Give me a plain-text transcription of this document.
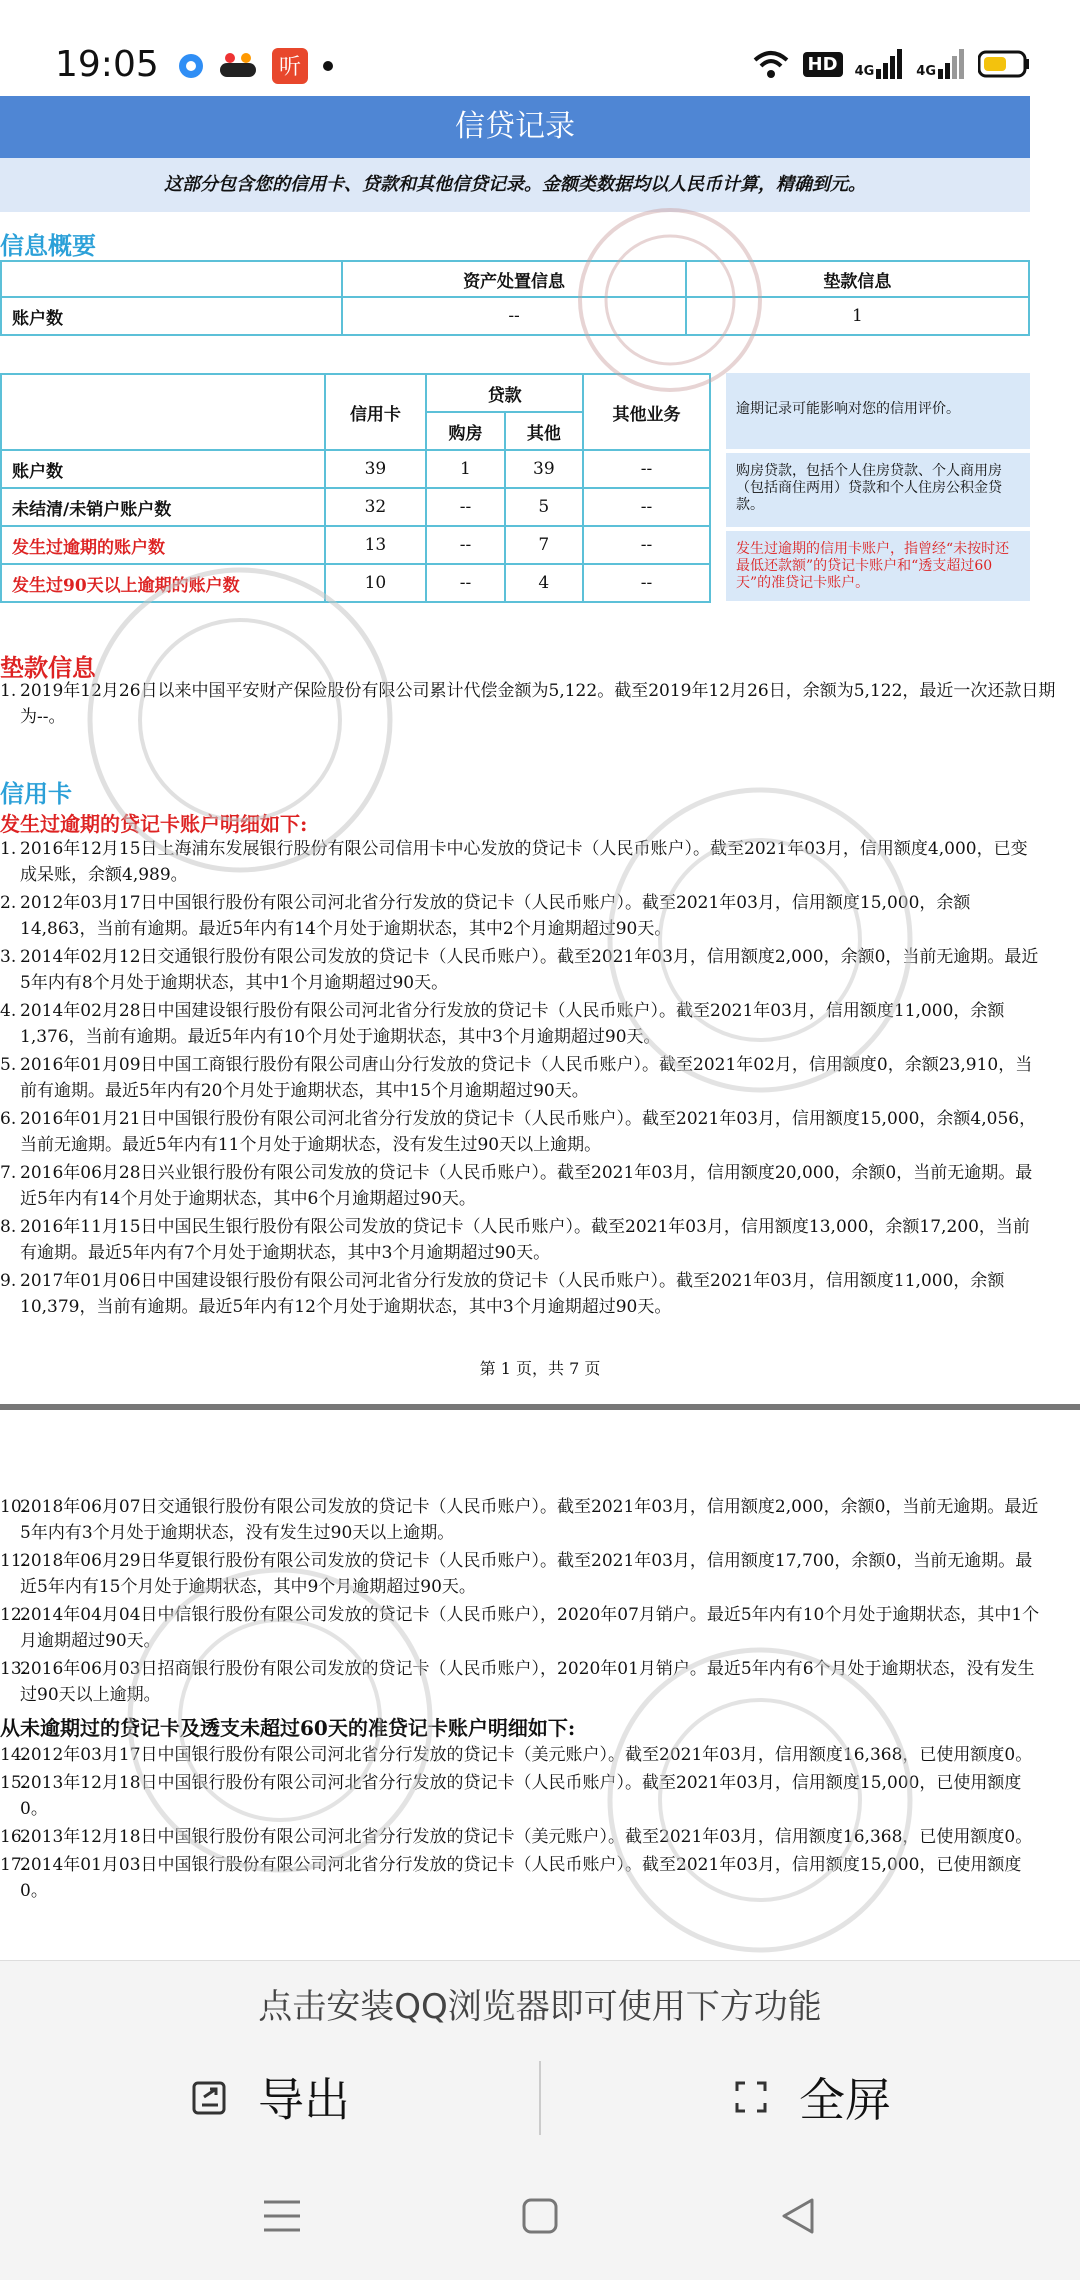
19:05	听	HD	4G	4G
信贷记录
这部分包含您的信用卡、贷款和其他信贷记录。金额类数据均以人民币计算，精确到元。
信息概要
	资产处置信息	垫款信息
账户数	--	1
	信用卡	贷款		其他业务
		购房	其他	
账户数	39	1	39	--
未结清/未销户账户数	32	--	5	--
发生过逾期的账户数	13	--	7	--
发生过90天以上逾期的账户数	10	--	4	--
逾期记录可能影响对您的信用评价。
购房贷款，包括个人住房贷款、个人商用房（包括商住两用）贷款和个人住房公积金贷款。
发生过逾期的信用卡账户，指曾经“未按时还最低还款额”的贷记卡账户和“透支超过60天”的准贷记卡账户。
垫款信息
1. 2019年12月26日以来中国平安财产保险股份有限公司累计代偿金额为5,122。截至2019年12月26日，余额为5,122，最近一次还款日期为--。
信用卡
发生过逾期的贷记卡账户明细如下:
1. 2016年12月15日上海浦东发展银行股份有限公司信用卡中心发放的贷记卡（人民币账户）。截至2021年03月，信用额度4,000，已变成呆账，余额4,989。
2. 2012年03月17日中国银行股份有限公司河北省分行发放的贷记卡（人民币账户）。截至2021年03月，信用额度15,000，余额14,863，当前有逾期。最近5年内有14个月处于逾期状态，其中2个月逾期超过90天。
3. 2014年02月12日交通银行股份有限公司发放的贷记卡（人民币账户）。截至2021年03月，信用额度2,000，余额0，当前无逾期。最近5年内有8个月处于逾期状态，其中1个月逾期超过90天。
4. 2014年02月28日中国建设银行股份有限公司河北省分行发放的贷记卡（人民币账户）。截至2021年03月，信用额度11,000，余额1,376，当前有逾期。最近5年内有10个月处于逾期状态，其中3个月逾期超过90天。
5. 2016年01月09日中国工商银行股份有限公司唐山分行发放的贷记卡（人民币账户）。截至2021年02月，信用额度0，余额23,910，当前有逾期。最近5年内有20个月处于逾期状态，其中15个月逾期超过90天。
6. 2016年01月21日中国银行股份有限公司河北省分行发放的贷记卡（人民币账户）。截至2021年03月，信用额度15,000，余额4,056，当前无逾期。最近5年内有11个月处于逾期状态，没有发生过90天以上逾期。
7. 2016年06月28日兴业银行股份有限公司发放的贷记卡（人民币账户）。截至2021年03月，信用额度20,000，余额0，当前无逾期。最近5年内有14个月处于逾期状态，其中6个月逾期超过90天。
8. 2016年11月15日中国民生银行股份有限公司发放的贷记卡（人民币账户）。截至2021年03月，信用额度13,000，余额17,200，当前有逾期。最近5年内有7个月处于逾期状态，其中3个月逾期超过90天。
9. 2017年01月06日中国建设银行股份有限公司河北省分行发放的贷记卡（人民币账户）。截至2021年03月，信用额度11,000，余额10,379，当前有逾期。最近5年内有12个月处于逾期状态，其中3个月逾期超过90天。
第 1 页，共 7 页
10.
2018年06月07日交通银行股份有限公司发放的贷记卡（人民币账户）。截至2021年03月，信用额度2,000，余额0，当前无逾期。最近5年内有3个月处于逾期状态，没有发生过90天以上逾期。
11.
2018年06月29日华夏银行股份有限公司发放的贷记卡（人民币账户）。截至2021年03月，信用额度17,700，余额0，当前无逾期。最近5年内有15个月处于逾期状态，其中9个月逾期超过90天。
12.
2014年04月04日中信银行股份有限公司发放的贷记卡（人民币账户），2020年07月销户。最近5年内有10个月处于逾期状态，其中1个月逾期超过90天。
13.
2016年06月03日招商银行股份有限公司发放的贷记卡（人民币账户），2020年01月销户。最近5年内有6个月处于逾期状态，没有发生过90天以上逾期。
从未逾期过的贷记卡及透支未超过60天的准贷记卡账户明细如下:
14.
2012年03月17日中国银行股份有限公司河北省分行发放的贷记卡（美元账户）。截至2021年03月，信用额度16,368，已使用额度0。
15.
2013年12月18日中国银行股份有限公司河北省分行发放的贷记卡（人民币账户）。截至2021年03月，信用额度15,000，已使用额度0。
16.
2013年12月18日中国银行股份有限公司河北省分行发放的贷记卡（美元账户）。截至2021年03月，信用额度16,368，已使用额度0。
17.
2014年01月03日中国银行股份有限公司河北省分行发放的贷记卡（人民币账户）。截至2021年03月，信用额度15,000，已使用额度0。
点击安装QQ浏览器即可使用下方功能
导出	全屏
